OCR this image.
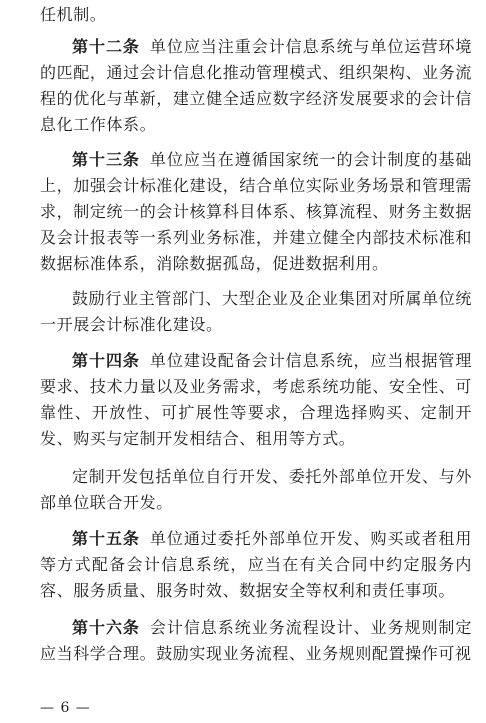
任机制。
第十二条 单位应当注重会计信息系统与单位运营环境的匹配，通过会计信息化推动管理模式、组织架构、业务流程的优化与革新，建立健全适应数字经济发展要求的会计信息化工作体系。
第十三条 单位应当在遵循国家统一的会计制度的基础上，加强会计标准化建设，结合单位实际业务场景和管理需求，制定统一的会计核算科目体系、核算流程、财务主数据及会计报表等一系列业务标准，并建立健全内部技术标准和数据标准体系，消除数据孤岛，促进数据利用。
鼓励行业主管部门、大型企业及企业集团对所属单位统一开展会计标准化建设。
第十四条 单位建设配备会计信息系统，应当根据管理要求、技术力量以及业务需求，考虑系统功能、安全性、可靠性、开放性、可扩展性等要求，合理选择购买、定制开发、购买与定制开发相结合、租用等方式。
定制开发包括单位自行开发、委托外部单位开发、与外部单位联合开发。
第十五条 单位通过委托外部单位开发、购买或者租用等方式配备会计信息系统，应当在有关合同中约定服务内容、服务质量、服务时效、数据安全等权利和责任事项。
第十六条 会计信息系统业务流程设计、业务规则制定应当科学合理。鼓励实现业务流程、业务规则配置操作可视
— 6 —
